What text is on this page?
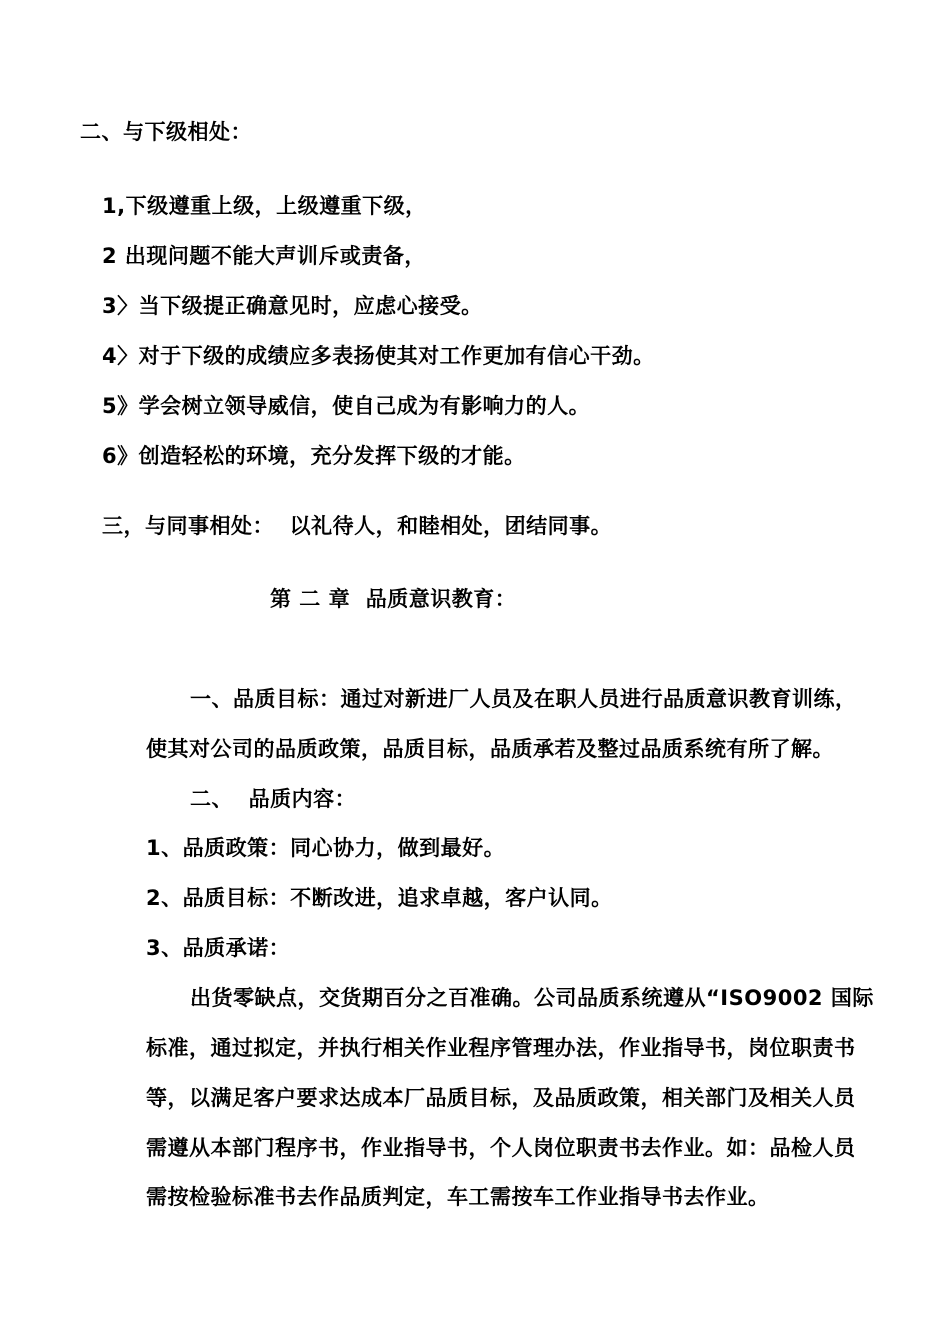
二、与下级相处：
1,下级遵重上级，上级遵重下级，
2 出现问题不能大声训斥或责备，
3〉当下级提正确意见时，应虑心接受。
4〉对于下级的成绩应多表扬使其对工作更加有信心干劲。
5》学会树立领导威信，使自己成为有影响力的人。
6》创造轻松的环境，充分发挥下级的才能。
三，与同事相处：  以礼待人，和睦相处，团结同事。
第 二 章  品质意识教育：
一、品质目标：通过对新进厂人员及在职人员进行品质意识教育训练，
使其对公司的品质政策，品质目标，品质承若及整过品质系统有所了解。
二、  品质内容：
1、品质政策：同心协力，做到最好。
2、品质目标：不断改进，追求卓越，客户认同。
3、品质承诺：
出货零缺点，交货期百分之百准确。公司品质系统遵从“ISO9002 国际
标准，通过拟定，并执行相关作业程序管理办法，作业指导书，岗位职责书
等，以满足客户要求达成本厂品质目标，及品质政策，相关部门及相关人员
需遵从本部门程序书，作业指导书，个人岗位职责书去作业。如：品检人员
需按检验标准书去作品质判定，车工需按车工作业指导书去作业。
